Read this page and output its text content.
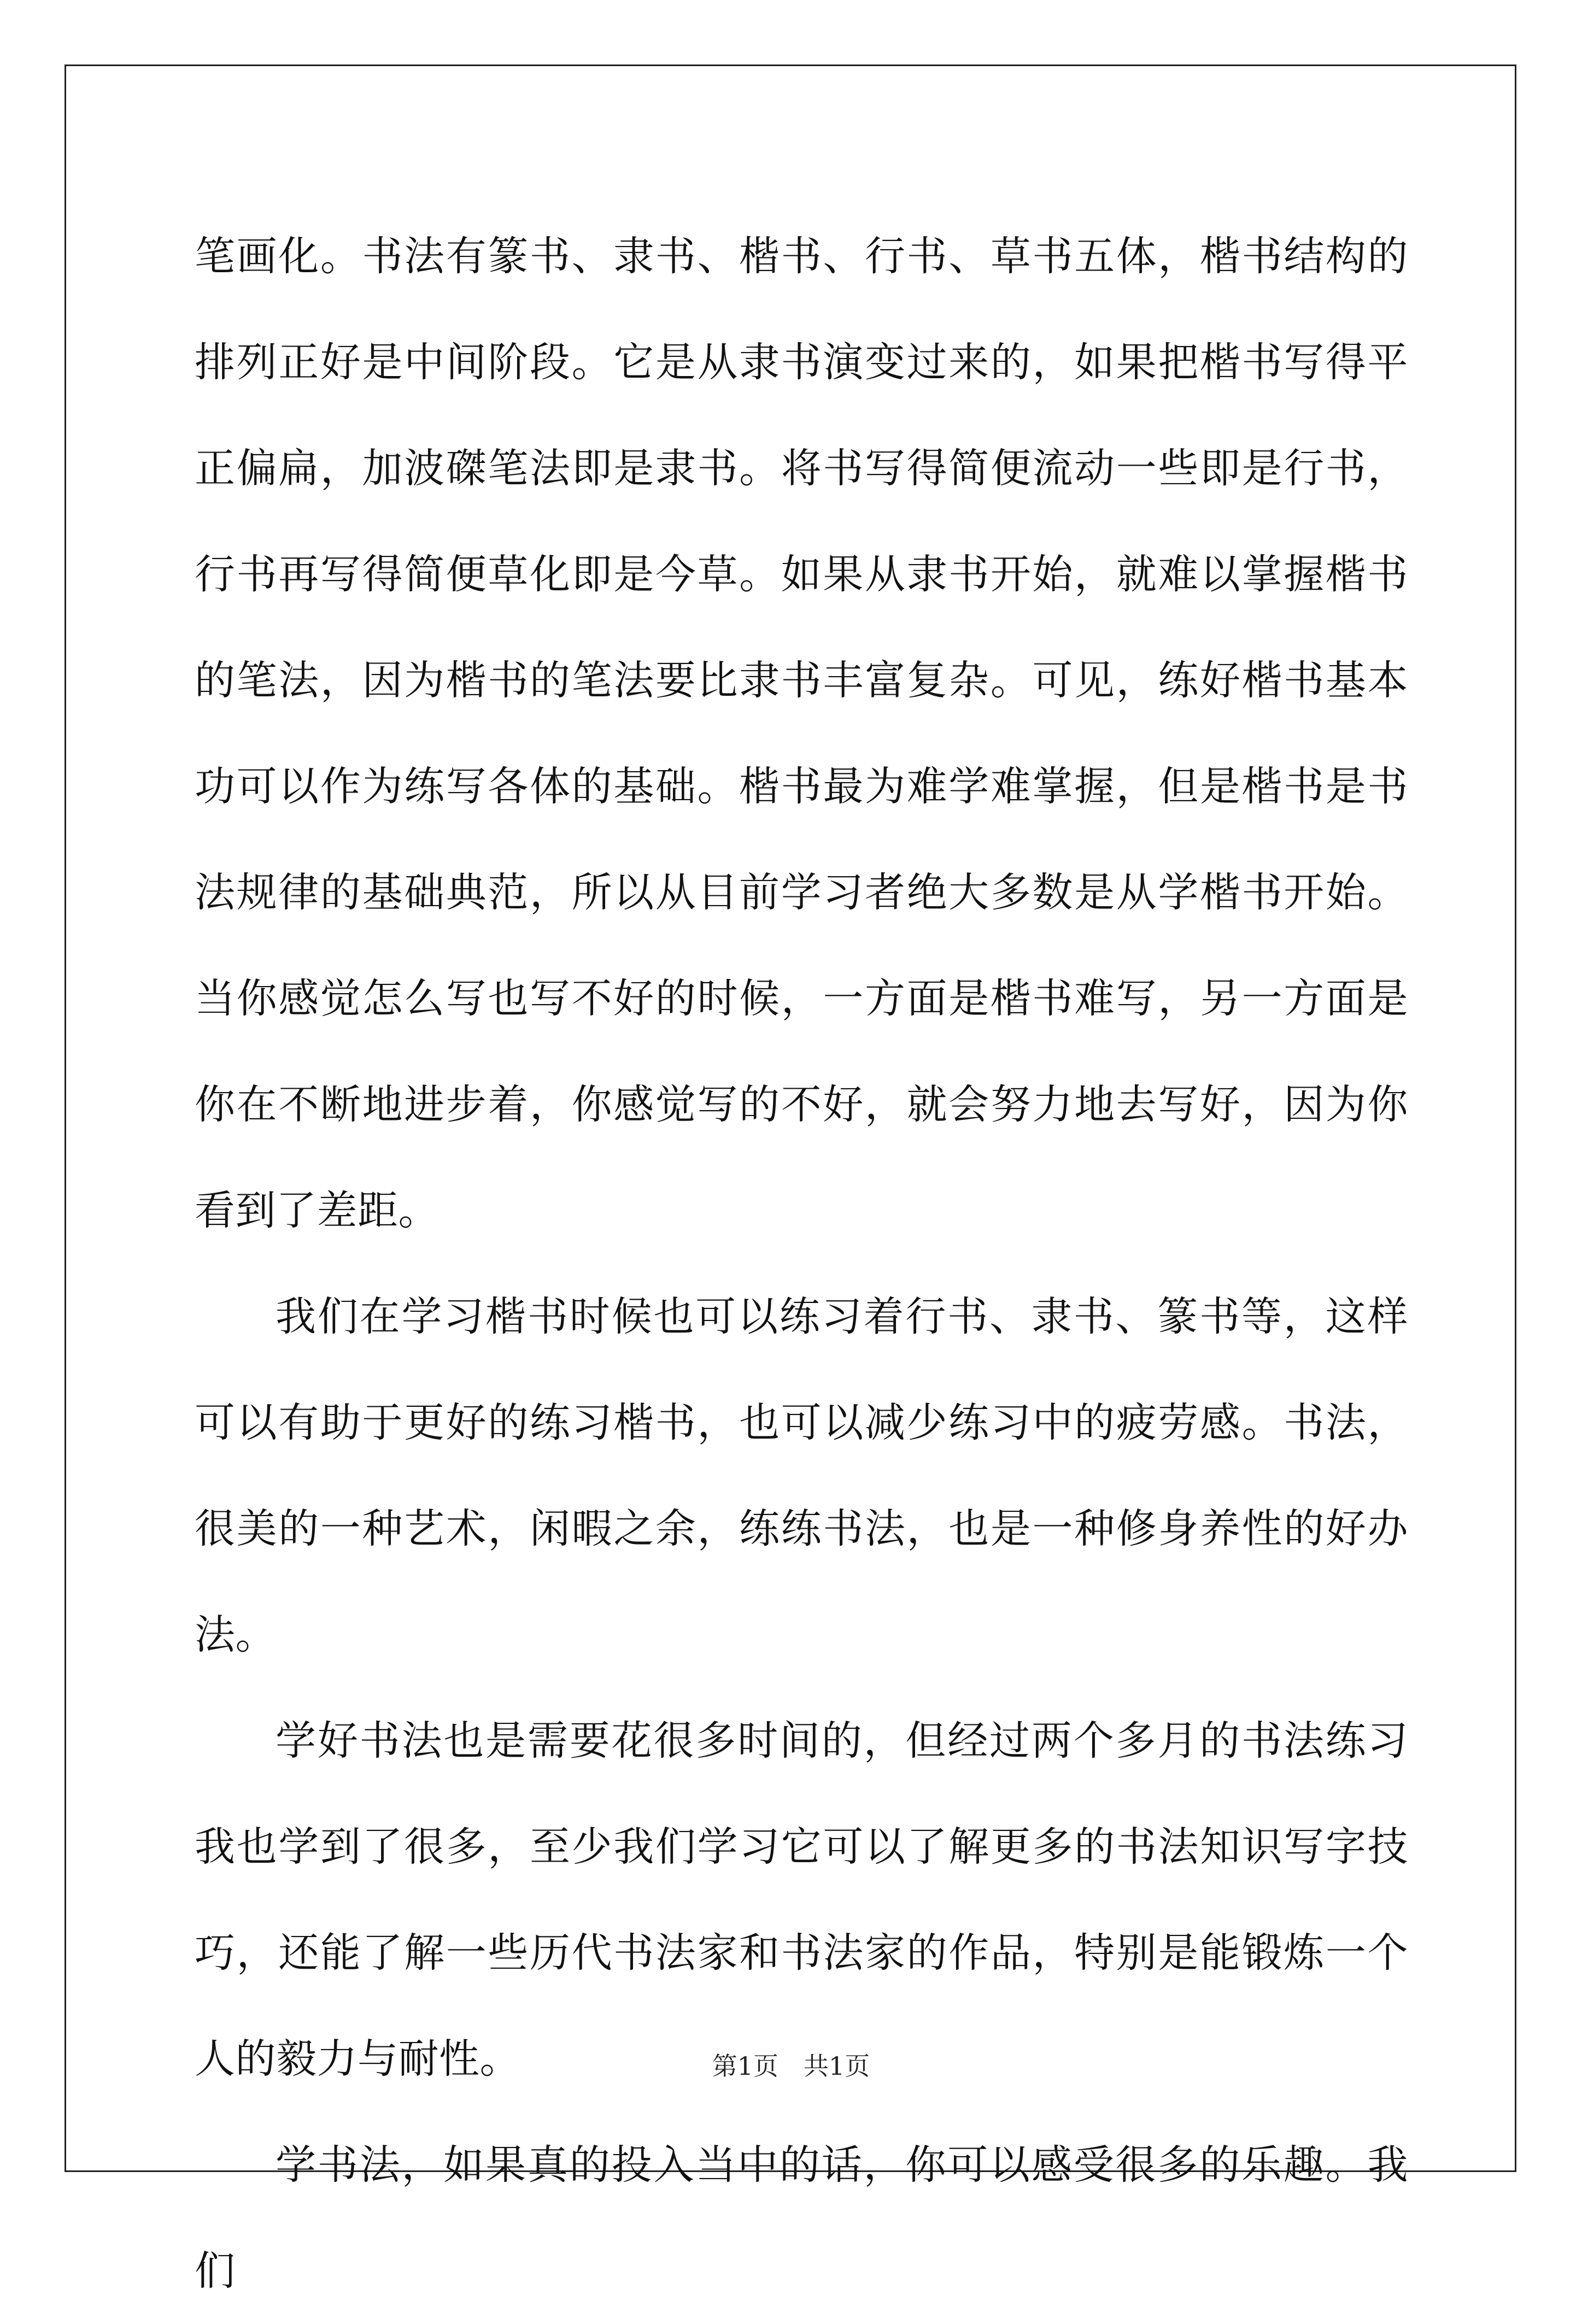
笔画化。书法有篆书、隶书、楷书、行书、草书五体，楷书结构的排列正好是中间阶段。它是从隶书演变过来的，如果把楷书写得平正偏扁，加波磔笔法即是隶书。将书写得简便流动一些即是行书，行书再写得简便草化即是今草。如果从隶书开始，就难以掌握楷书的笔法，因为楷书的笔法要比隶书丰富复杂。可见，练好楷书基本功可以作为练写各体的基础。楷书最为难学难掌握，但是楷书是书法规律的基础典范，所以从目前学习者绝大多数是从学楷书开始。当你感觉怎么写也写不好的时候，一方面是楷书难写，另一方面是你在不断地进步着，你感觉写的不好，就会努力地去写好，因为你看到了差距。

我们在学习楷书时候也可以练习着行书、隶书、篆书等，这样可以有助于更好的练习楷书，也可以减少练习中的疲劳感。书法，很美的一种艺术，闲暇之余，练练书法，也是一种修身养性的好办法。

学好书法也是需要花很多时间的，但经过两个多月的书法练习我也学到了很多，至少我们学习它可以了解更多的书法知识写字技巧，还能了解一些历代书法家和书法家的作品，特别是能锻炼一个人的毅力与耐性。

学书法，如果真的投入当中的话，你可以感受很多的乐趣。我们

第1页　共1页
